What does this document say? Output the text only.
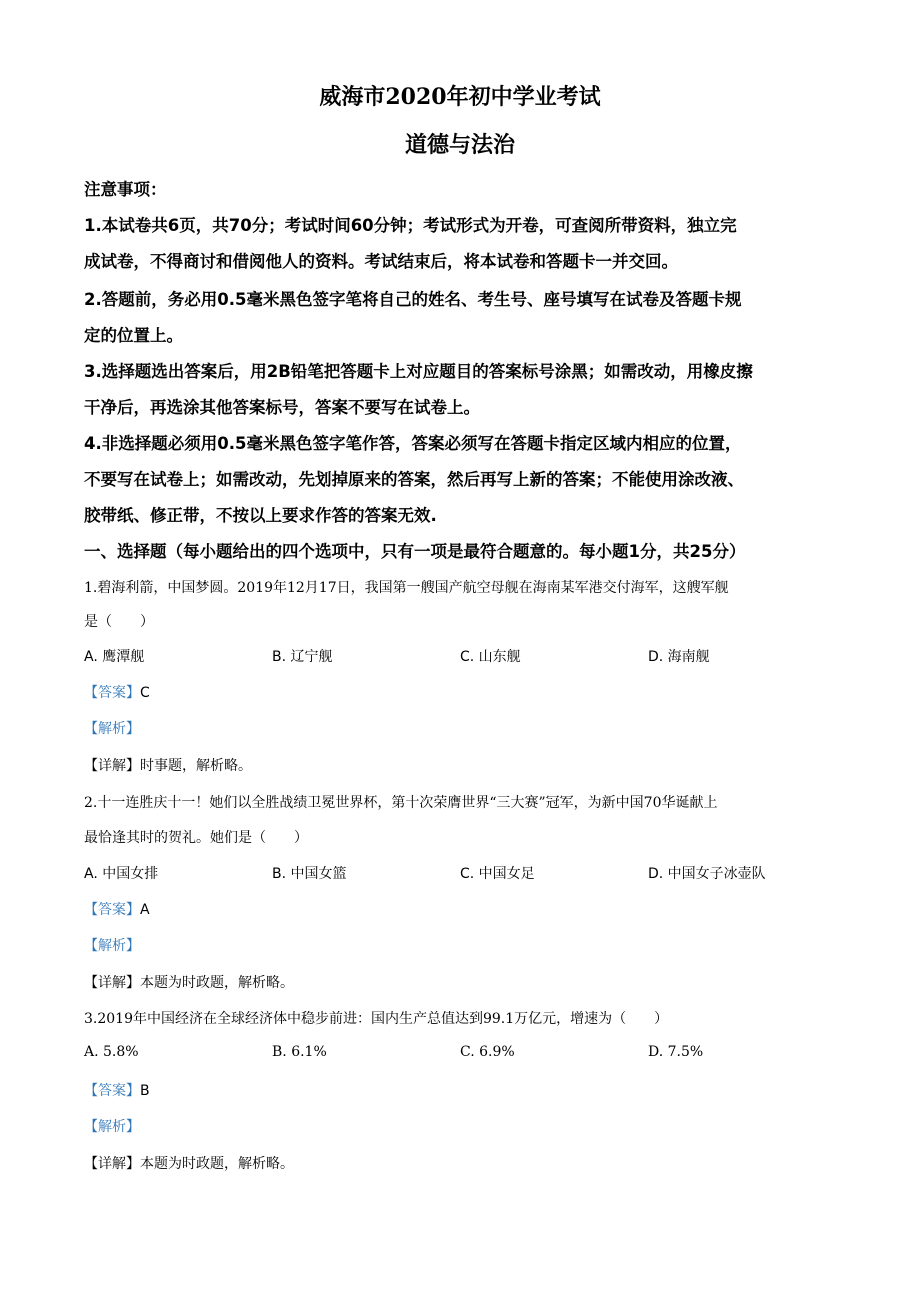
威海市2020年初中学业考试
道德与法治
注意事项：
1.本试卷共6页，共70分；考试时间60分钟；考试形式为开卷，可查阅所带资料，独立完
成试卷，不得商讨和借阅他人的资料。考试结束后，将本试卷和答题卡一并交回。
2.答题前，务必用0.5毫米黑色签字笔将自己的姓名、考生号、座号填写在试卷及答题卡规
定的位置上。
3.选择题选出答案后，用2B铅笔把答题卡上对应题目的答案标号涂黑；如需改动，用橡皮擦
干净后，再选涂其他答案标号，答案不要写在试卷上。
4.非选择题必须用0.5毫米黑色签字笔作答，答案必须写在答题卡指定区域内相应的位置，
不要写在试卷上；如需改动，先划掉原来的答案，然后再写上新的答案；不能使用涂改液、
胶带纸、修正带，不按以上要求作答的答案无效.
一、选择题（每小题给出的四个选项中，只有一项是最符合题意的。每小题1分，共25分）
1.碧海利箭，中国梦圆。2019年12月17日，我国第一艘国产航空母舰在海南某军港交付海军，这艘军舰
是（　　）
A. 鹰潭舰	B. 辽宁舰	C. 山东舰	D. 海南舰
【答案】C
【解析】
【详解】时事题，解析略。
2.十一连胜庆十一！她们以全胜战绩卫冕世界杯，第十次荣膺世界“三大赛”冠军，为新中国70华诞献上
最恰逢其时的贺礼。她们是（　　）
A. 中国女排	B. 中国女篮	C. 中国女足	D. 中国女子冰壶队
【答案】A
【解析】
【详解】本题为时政题，解析略。
3.2019年中国经济在全球经济体中稳步前进：国内生产总值达到99.1万亿元，增速为（　　）
A. 5.8%	B. 6.1%	C. 6.9%	D. 7.5%
【答案】B
【解析】
【详解】本题为时政题，解析略。
